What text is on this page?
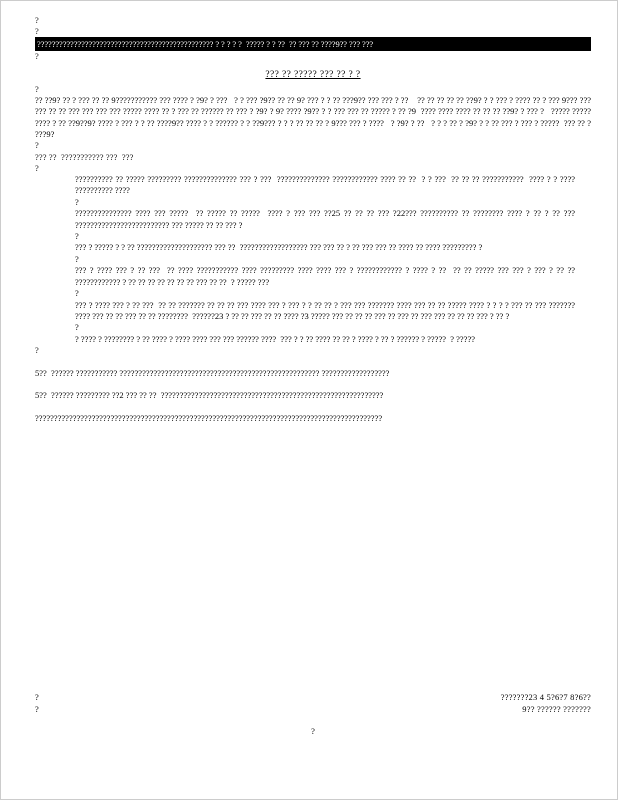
?
?
???????????????????????????????????????????????? ? ? ? ? ?  ????? ? ? ??  ?? ??? ?? ????9?? ??? ???
?
??? ?? ????? ??? ?? ? ?
?
?? ??9? ?? ? ??? ?? ?? 9??????????? ??? ???? ? ?9? ? ???   ? ? ??? ?9?? ?? ?? 9? ??? ? ? ?? ???9?? ??? ??? ? ??    ?? ?? ?? ?? ?? ??9? ? ? ??? ? ???? ?? ? ??? 9??? ??? ??? ?? ?? ??? ??? ??? ??? ????? ???? ?? ? ??? ?? ?????? ?? ??? ? ?9? ? 9? ???? ?9?? ? ? ??? ??? ?? ????? ? ?? ?9  ???? ???? ???? ?? ?? ?? ??9? ? ??? ?   ????? ?????  ???? ? ?? ??9??9? ???? ? ??? ? ? ?? ????9?? ???? ? ? ?????? ? ? ??9??? ? ? ? ?? ?? ?? ? 9??? ??? ? ????   ? ?9? ? ??   ? ? ? ?? ? ?9? ? ? ?? ??? ? ??? ? ?????  ??? ?? ? ???9?
?
??? ??  ??????????? ???  ???
?
?????????? ?? ????? ????????? ?????????????? ??? ? ???  ?????????????? ???????????? ???? ?? ??  ? ? ???  ?? ?? ?? ???????????  ???? ? ? ???? ?????????? ????
?
??????????????? ???? ??? ?????  ?? ????? ?? ?????  ???? ? ??? ??? ??25 ?? ?? ?? ??? ?22??? ?????????? ?? ???????? ???? ? ?? ? ?? ???  ????????????????????????? ??? ????? ?? ?? ??? ?
?
??? ? ????? ? ? ?? ???????????????????? ??? ??  ?????????????????? ??? ??? ?? ? ?? ??? ??? ?? ???? ?? ???? ????????? ?
?
??? ? ???? ??? ? ?? ???  ?? ???? ??????????? ???? ????????? ???? ???? ??? ? ???????????? ? ???? ? ??  ?? ?? ????? ??? ??? ? ??? ? ?? ?? ???????????? ? ?? ?? ?? ?? ?? ?? ?? ??? ?? ??  ? ????? ???
?
??? ? ???? ??? ? ?? ???  ?? ?? ??????? ?? ?? ?? ??? ???? ??? ? ??? ? ? ?? ?? ? ??? ??? ??????? ???? ??? ?? ?? ????? ???? ? ? ? ? ??? ?? ??? ??????? ???? ??? ?? ?? ??? ?? ?? ????????  ??????23 ? ?? ?? ??? ?? ?? ???? ?3 ????? ??? ?? ?? ?? ??? ?? ??? ?? ??? ??? ?? ?? ?? ??? ? ?? ?
?
? ???? ? ???????? ? ?? ???? ? ???? ???? ??? ??? ?????? ????  ??? ? ? ?? ???? ?? ?? ? ???? ? ?? ? ?????? ? ?????  ? ?????
?
5??  ?????? ??????????? ????????????????????????????????????????????????????? ??????????????????
5??  ?????? ????????? ??2 ??? ?? ??  ???????????????????????????????????????????????????????????
????????????????????????????????????????????????????????????????????????????????????????????
?	???????23 4 5?6?7 8?6??
?	9?? ?????? ???????
?
